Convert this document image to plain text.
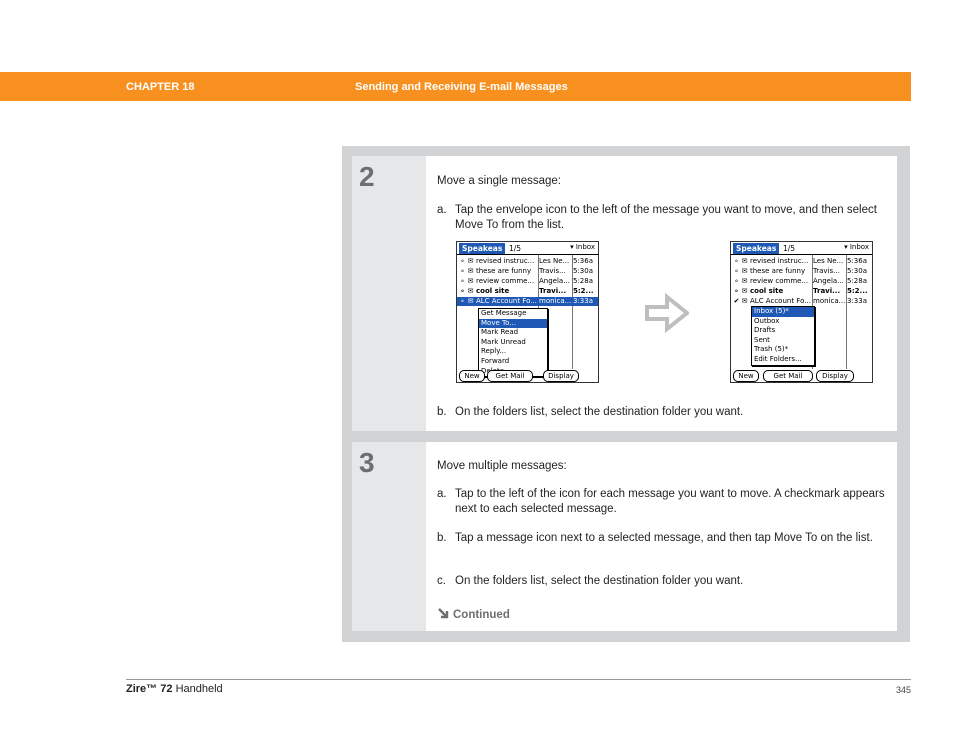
CHAPTER 18	Sending and Receiving E-mail Messages
2	Move a single message:
a. Tap the envelope icon to the left of the message you want to move, and then select Move To from the list.
b. On the folders list, select the destination folder you want.
Speakeas 1/5	▾ Inbox
∘ ✉ revised instruc... Les Ne... 5:36a
∘ ✉ these are funny	Travis...	5:30a
∘ ✉ review comme... Angela... 5:28a
∘ ✉ cool site	Travi... 5:2...
∘ ✉ ALC Account Fo... monica... 3:33a
Get Message
Move To...
Mark Read
Mark Unread
Reply...
Forward
New	Get Mail	Display
Speakeas 1/5	▾ Inbox
∘ ✉ revised instruc... Les Ne... 5:36a
∘ ✉ these are funny	Travis...	5:30a
∘ ✉ review comme... Angela... 5:28a
∘ ✉ cool site	Travi... 5:2...
✔ ✉ ALC Account Fo... monica... 3:33a
Inbox (5)*
Outbox
Drafts
Sent
Trash (5)*
Edit Folders...
New	Get Mail	Display
3	Move multiple messages:
a. Tap to the left of the icon for each message you want to move. A checkmark appears next to each selected message.
b. Tap a message icon next to a selected message, and then tap Move To on the list.
c. On the folders list, select the destination folder you want.
Continued
Zire™ 72 Handheld	345
